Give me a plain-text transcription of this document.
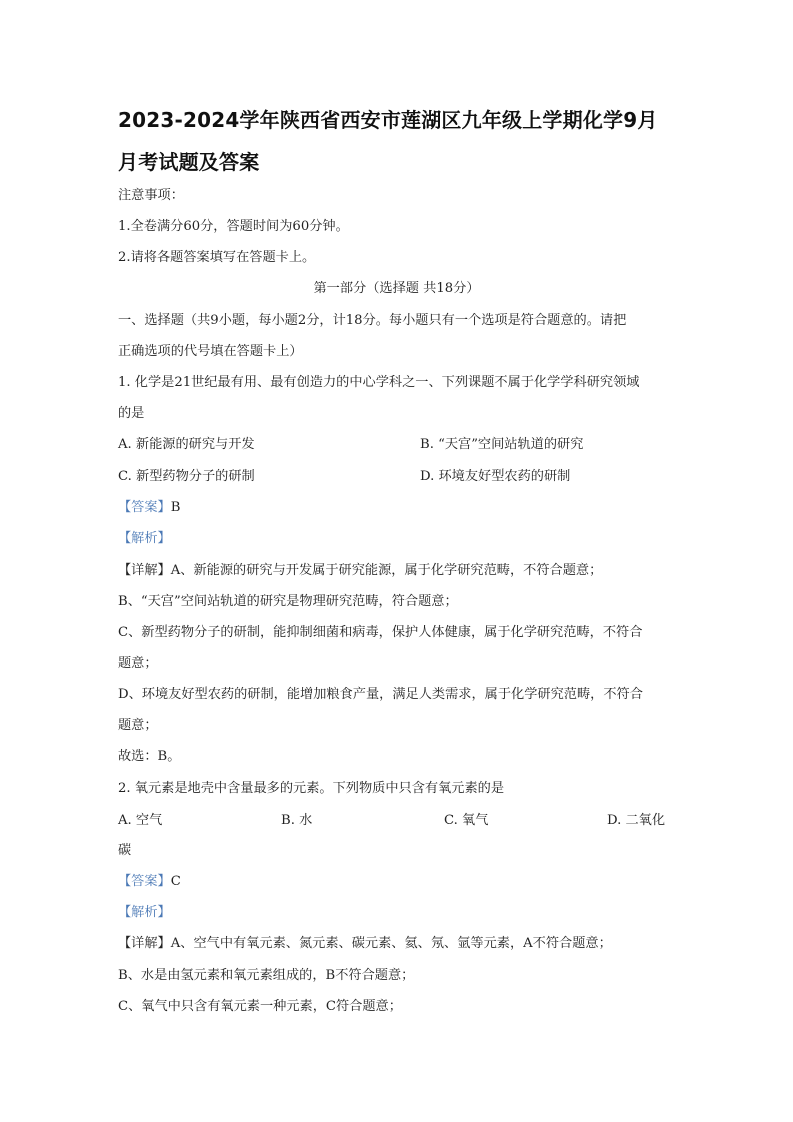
2023-2024学年陕西省西安市莲湖区九年级上学期化学9月
月考试题及答案
注意事项：
1.全卷满分60分，答题时间为60分钟。
2.请将各题答案填写在答题卡上。
第一部分（选择题 共18分）
一、选择题（共9小题，每小题2分，计18分。每小题只有一个选项是符合题意的。请把
正确选项的代号填在答题卡上）
1. 化学是21世纪最有用、最有创造力的中心学科之一、下列课题不属于化学学科研究领域
的是
A. 新能源的研究与开发	B. “天宫”空间站轨道的研究
C. 新型药物分子的研制	D. 环境友好型农药的研制
【答案】B
【解析】
【详解】A、新能源的研究与开发属于研究能源，属于化学研究范畴，不符合题意；
B、“天宫”空间站轨道的研究是物理研究范畴，符合题意；
C、新型药物分子的研制，能抑制细菌和病毒，保护人体健康，属于化学研究范畴，不符合
题意；
D、环境友好型农药的研制，能增加粮食产量，满足人类需求，属于化学研究范畴，不符合
题意；
故选：B。
2. 氧元素是地壳中含量最多的元素。下列物质中只含有氧元素的是
A. 空气	B. 水	C. 氧气	D. 二氧化
碳
【答案】C
【解析】
【详解】A、空气中有氧元素、氮元素、碳元素、氦、氖、氩等元素，A不符合题意；
B、水是由氢元素和氧元素组成的，B不符合题意；
C、氧气中只含有氧元素一种元素，C符合题意；
